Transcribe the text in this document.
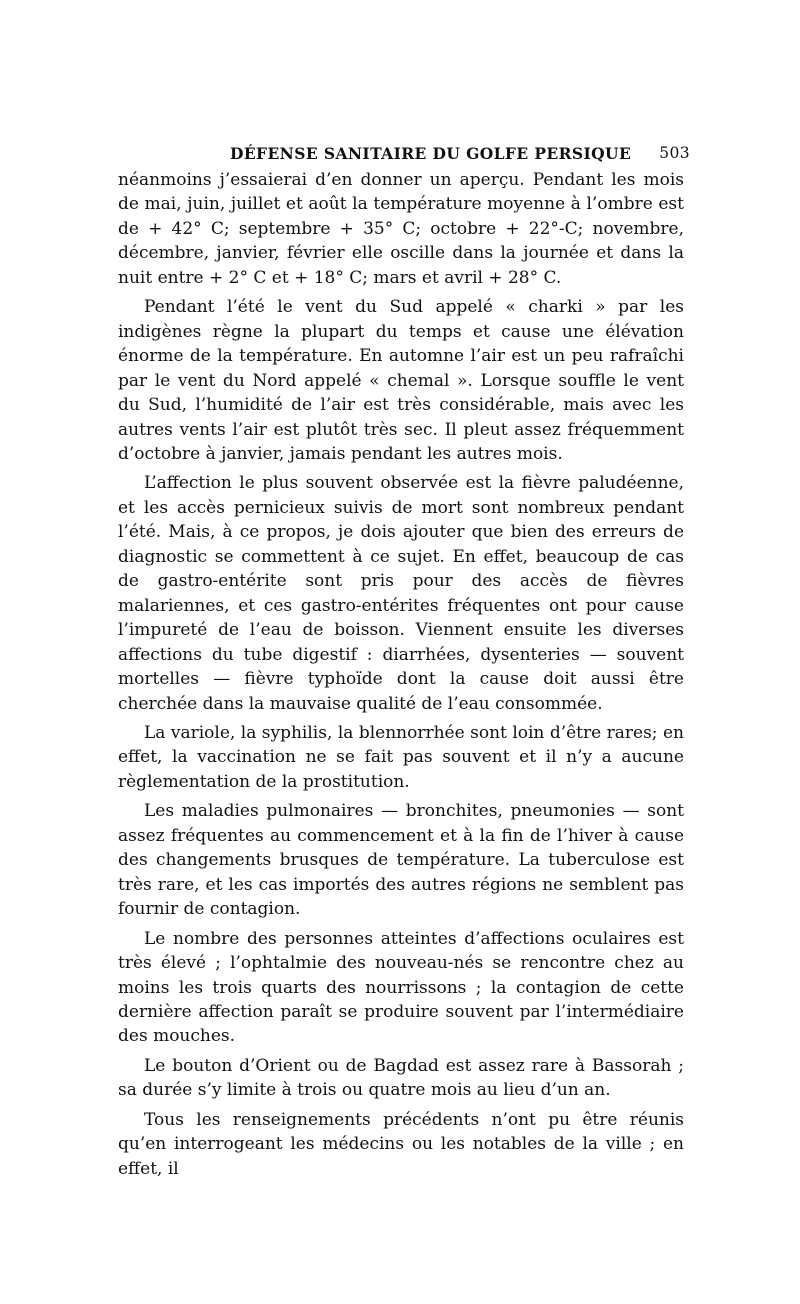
DÉFENSE SANITAIRE DU GOLFE PERSIQUE 503

néanmoins j’essaierai d’en donner un aperçu. Pendant les mois de mai, juin, juillet et août la température moyenne à l’ombre est de + 42° C; septembre + 35° C; octobre + 22°-C; novembre, décembre, janvier, février elle oscille dans la journée et dans la nuit entre + 2° C et + 18° C; mars et avril + 28° C.

Pendant l’été le vent du Sud appelé « charki » par les indigènes règne la plupart du temps et cause une élévation énorme de la température. En automne l’air est un peu rafraîchi par le vent du Nord appelé « chemal ». Lorsque souffle le vent du Sud, l’humidité de l’air est très considérable, mais avec les autres vents l’air est plutôt très sec. Il pleut assez fréquemment d’octobre à janvier, jamais pendant les autres mois.

L’affection le plus souvent observée est la fièvre paludéenne, et les accès pernicieux suivis de mort sont nombreux pendant l’été. Mais, à ce propos, je dois ajouter que bien des erreurs de diagnostic se commettent à ce sujet. En effet, beaucoup de cas de gastro-entérite sont pris pour des accès de fièvres malariennes, et ces gastro-entérites fréquentes ont pour cause l’impureté de l’eau de boisson. Viennent ensuite les diverses affections du tube digestif : diarrhées, dysenteries — souvent mortelles — fièvre typhoïde dont la cause doit aussi être cherchée dans la mauvaise qualité de l’eau consommée.

La variole, la syphilis, la blennorrhée sont loin d’être rares; en effet, la vaccination ne se fait pas souvent et il n’y a aucune règlementation de la prostitution.

Les maladies pulmonaires — bronchites, pneumonies — sont assez fréquentes au commencement et à la fin de l’hiver à cause des changements brusques de température. La tuberculose est très rare, et les cas importés des autres régions ne semblent pas fournir de contagion.

Le nombre des personnes atteintes d’affections oculaires est très élevé ; l’ophtalmie des nouveau-nés se rencontre chez au moins les trois quarts des nourrissons ; la contagion de cette dernière affection paraît se produire souvent par l’intermédiaire des mouches.

Le bouton d’Orient ou de Bagdad est assez rare à Bassorah ; sa durée s’y limite à trois ou quatre mois au lieu d’un an.

Tous les renseignements précédents n’ont pu être réunis qu’en interrogeant les médecins ou les notables de la ville ; en effet, il
